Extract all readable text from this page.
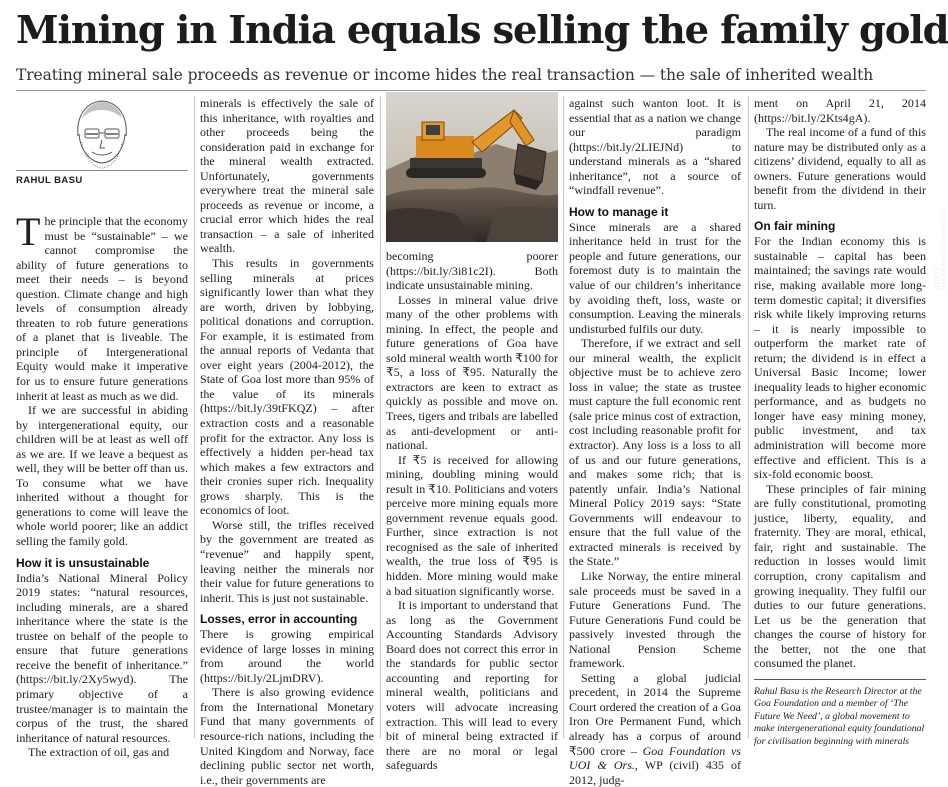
Mining in India equals selling the family gold
Treating mineral sale proceeds as revenue or income hides the real transaction — the sale of inherited wealth
RAHUL BASU

The principle that the economy must be “sustainable” – we cannot compromise the ability of future generations to meet their needs – is beyond question. Climate change and high levels of consumption already threaten to rob future generations of a planet that is liveable. The principle of Intergenerational Equity would make it imperative for us to ensure future generations inherit at least as much as we did.

If we are successful in abiding by intergenerational equity, our children will be at least as well off as we are. If we leave a bequest as well, they will be better off than us. To consume what we have inherited without a thought for generations to come will leave the whole world poorer; like an addict selling the family gold.

How it is unsustainable

India’s National Mineral Policy 2019 states: “natural resources, including minerals, are a shared inheritance where the state is the trustee on behalf of the people to ensure that future generations receive the benefit of inheritance.” (https://bit.ly/2Xy5wyd). The primary objective of a trustee/manager is to maintain the corpus of the trust, the shared inheritance of natural resources.

The extraction of oil, gas and

minerals is effectively the sale of this inheritance, with royalties and other proceeds being the consideration paid in exchange for the mineral wealth extracted. Unfortunately, governments everywhere treat the mineral sale proceeds as revenue or income, a crucial error which hides the real transaction – a sale of inherited wealth.

This results in governments selling minerals at prices significantly lower than what they are worth, driven by lobbying, political donations and corruption. For example, it is estimated from the annual reports of Vedanta that over eight years (2004-2012), the State of Goa lost more than 95% of the value of its minerals (https://bit.ly/39tFKQZ) – after extraction costs and a reasonable profit for the extractor. Any loss is effectively a hidden per-head tax which makes a few extractors and their cronies super rich. Inequality grows sharply. This is the economics of loot.

Worse still, the trifles received by the government are treated as “revenue” and happily spent, leaving neither the minerals nor their value for future generations to inherit. This is just not sustainable.

Losses, error in accounting

There is growing empirical evidence of large losses in mining from around the world (https://bit.ly/2LjmDRV).

There is also growing evidence from the International Monetary Fund that many governments of resource-rich nations, including the United Kingdom and Norway, face declining public sector net worth, i.e., their governments are

GETTY IMAGES/ISTOCKPHOTO

becoming poorer (https://bit.ly/3i81c2I). Both indicate unsustainable mining.

Losses in mineral value drive many of the other problems with mining. In effect, the people and future generations of Goa have sold mineral wealth worth ₹100 for ₹5, a loss of ₹95. Naturally the extractors are keen to extract as quickly as possible and move on. Trees, tigers and tribals are labelled as anti-development or anti-national.

If ₹5 is received for allowing mining, doubling mining would result in ₹10. Politicians and voters perceive more mining equals more government revenue equals good. Further, since extraction is not recognised as the sale of inherited wealth, the true loss of ₹95 is hidden. More mining would make a bad situation significantly worse.

It is important to understand that as long as the Government Accounting Standards Advisory Board does not correct this error in the standards for public sector accounting and reporting for mineral wealth, politicians and voters will advocate increasing extraction. This will lead to every bit of mineral being extracted if there are no moral or legal safeguards

against such wanton loot. It is essential that as a nation we change our paradigm (https://bit.ly/2LIEJNd) to understand minerals as a “shared inheritance”, not a source of “windfall revenue”.

How to manage it

Since minerals are a shared inheritance held in trust for the people and future generations, our foremost duty is to maintain the value of our children’s inheritance by avoiding theft, loss, waste or consumption. Leaving the minerals undisturbed fulfils our duty.

Therefore, if we extract and sell our mineral wealth, the explicit objective must be to achieve zero loss in value; the state as trustee must capture the full economic rent (sale price minus cost of extraction, cost including reasonable profit for extractor). Any loss is a loss to all of us and our future generations, and makes some rich; that is patently unfair. India’s National Mineral Policy 2019 says: “State Governments will endeavour to ensure that the full value of the extracted minerals is received by the State.”

Like Norway, the entire mineral sale proceeds must be saved in a Future Generations Fund. The Future Generations Fund could be passively invested through the National Pension Scheme framework.

Setting a global judicial precedent, in 2014 the Supreme Court ordered the creation of a Goa Iron Ore Permanent Fund, which already has a corpus of around ₹500 crore – Goa Foundation vs UOI & Ors., WP (civil) 435 of 2012, judg-

ment on April 21, 2014 (https://bit.ly/2Kts4gA).

The real income of a fund of this nature may be distributed only as a citizens’ dividend, equally to all as owners. Future generations would benefit from the dividend in their turn.

On fair mining

For the Indian economy this is sustainable – capital has been maintained; the savings rate would rise, making available more long-term domestic capital; it diversifies risk while likely improving returns – it is nearly impossible to outperform the market rate of return; the dividend is in effect a Universal Basic Income; lower inequality leads to higher economic performance, and as budgets no longer have easy mining money, public investment, and tax administration will become more effective and efficient. This is a six-fold economic boost.

These principles of fair mining are fully constitutional, promoting justice, liberty, equality, and fraternity. They are moral, ethical, fair, right and sustainable. The reduction in losses would limit corruption, crony capitalism and growing inequality. They fulfil our duties to our future generations. Let us be the generation that changes the course of history for the better, not the one that consumed the planet.

Rahul Basu is the Research Director at the Goa Foundation and a member of ‘The Future We Need’, a global movement to make intergenerational equity foundational for civilisation beginning with minerals
